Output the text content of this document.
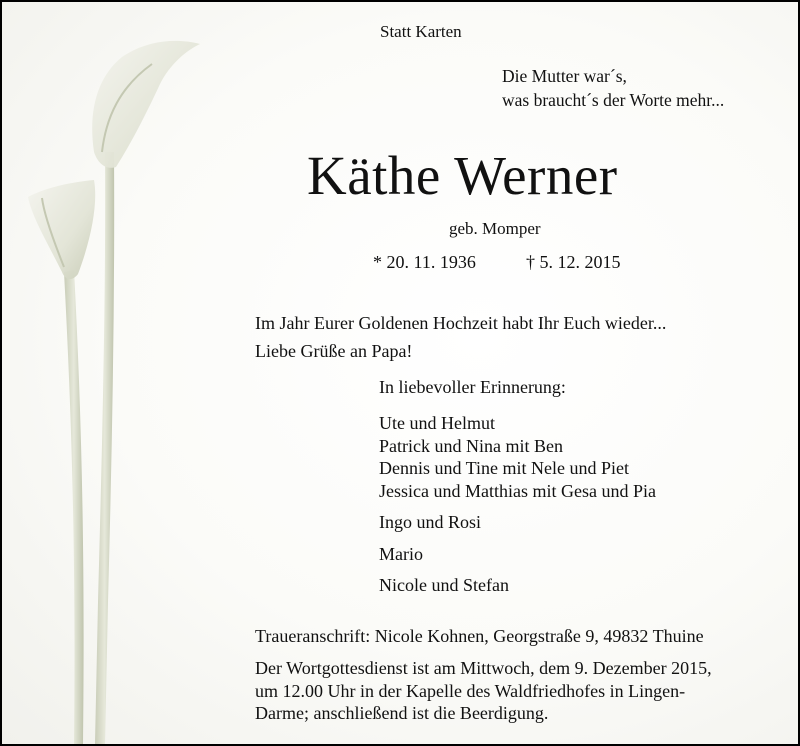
Statt Karten
Die Mutter war´s,
was braucht´s der Worte mehr...
Käthe Werner
geb. Momper
* 20. 11. 1936	† 5. 12. 2015
Im Jahr Eurer Goldenen Hochzeit habt Ihr Euch wieder...
Liebe Grüße an Papa!
In liebevoller Erinnerung:
Ute und Helmut
Patrick und Nina mit Ben
Dennis und Tine mit Nele und Piet
Jessica und Matthias mit Gesa und Pia
Ingo und Rosi
Mario
Nicole und Stefan
Traueranschrift: Nicole Kohnen, Georgstraße 9, 49832 Thuine
Der Wortgottesdienst ist am Mittwoch, dem 9. Dezember 2015,
um 12.00 Uhr in der Kapelle des Waldfriedhofes in Lingen-
Darme; anschließend ist die Beerdigung.
